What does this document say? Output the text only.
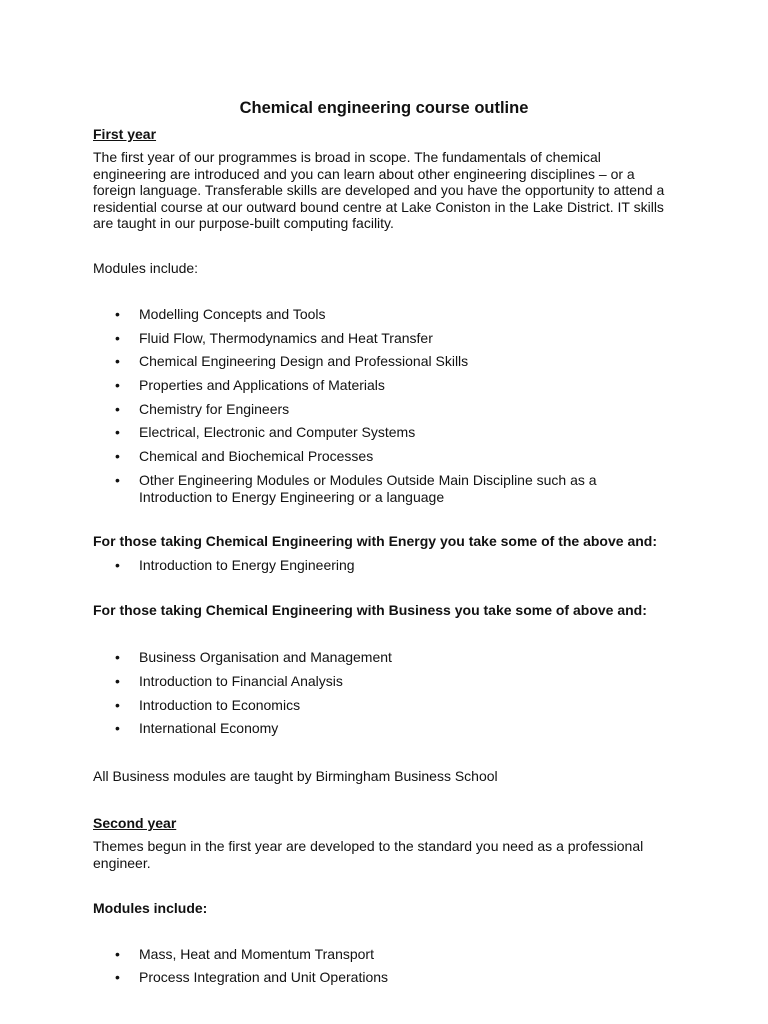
Chemical engineering course outline
First year
The first year of our programmes is broad in scope. The fundamentals of chemical
engineering are introduced and you can learn about other engineering disciplines – or a
foreign language. Transferable skills are developed and you have the opportunity to attend a
residential course at our outward bound centre at Lake Coniston in the Lake District. IT skills
are taught in our purpose-built computing facility.
Modules include:
• Modelling Concepts and Tools
• Fluid Flow, Thermodynamics and Heat Transfer
• Chemical Engineering Design and Professional Skills
• Properties and Applications of Materials
• Chemistry for Engineers
• Electrical, Electronic and Computer Systems
• Chemical and Biochemical Processes
• Other Engineering Modules or Modules Outside Main Discipline such as a
Introduction to Energy Engineering or a language
For those taking Chemical Engineering with Energy you take some of the above and:
• Introduction to Energy Engineering
For those taking Chemical Engineering with Business you take some of above and:
• Business Organisation and Management
• Introduction to Financial Analysis
• Introduction to Economics
• International Economy
All Business modules are taught by Birmingham Business School
Second year
Themes begun in the first year are developed to the standard you need as a professional
engineer.
Modules include:
• Mass, Heat and Momentum Transport
• Process Integration and Unit Operations
